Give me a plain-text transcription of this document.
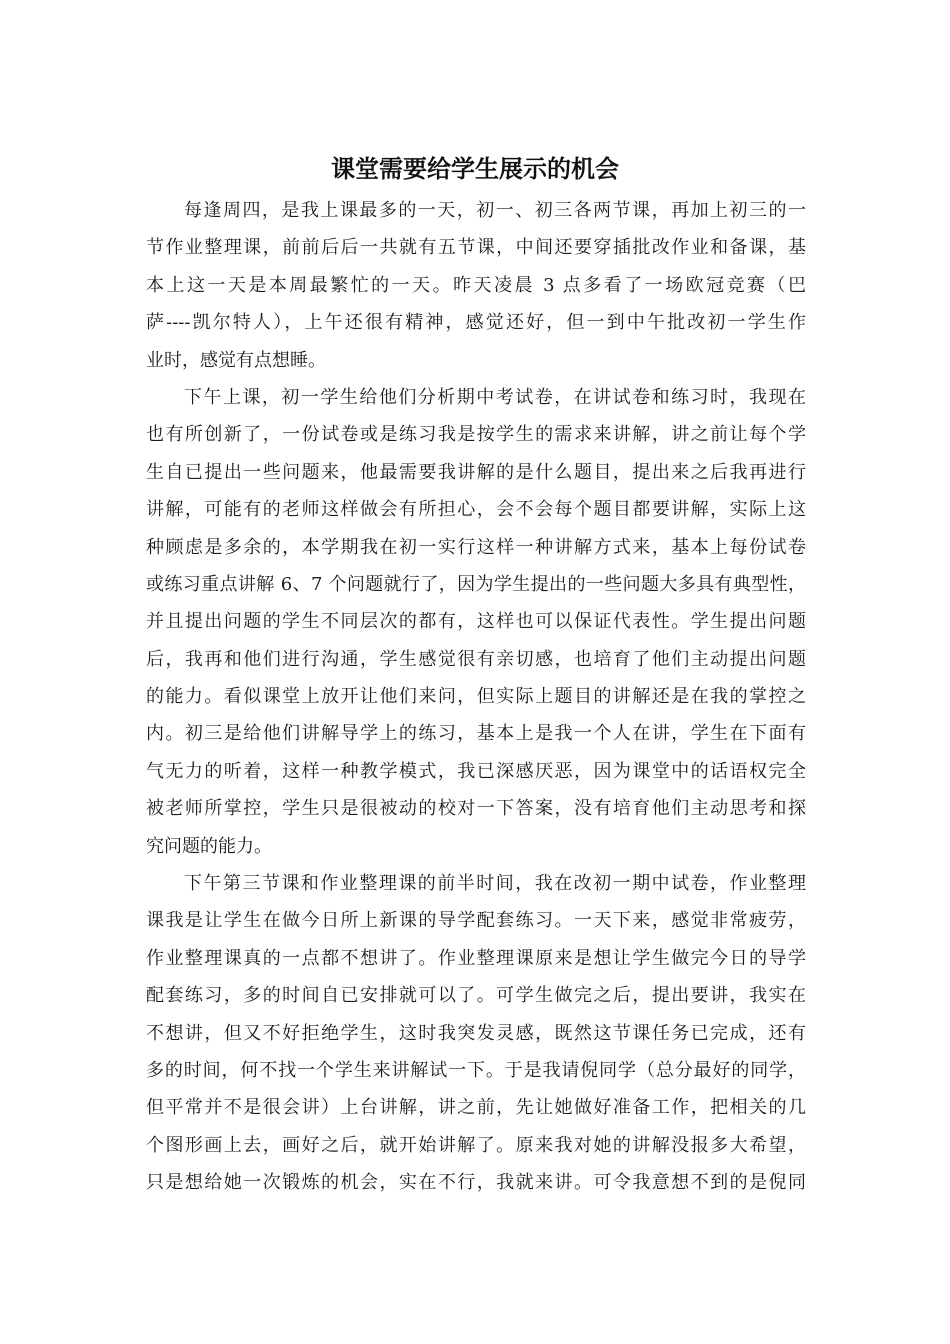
课堂需要给学生展示的机会
每逢周四，是我上课最多的一天，初一、初三各两节课，再加上初三的一
节作业整理课，前前后后一共就有五节课，中间还要穿插批改作业和备课，基
本上这一天是本周最繁忙的一天。昨天凌晨 3 点多看了一场欧冠竞赛（巴
萨----凯尔特人），上午还很有精神，感觉还好，但一到中午批改初一学生作
业时，感觉有点想睡。
下午上课，初一学生给他们分析期中考试卷，在讲试卷和练习时，我现在
也有所创新了，一份试卷或是练习我是按学生的需求来讲解，讲之前让每个学
生自已提出一些问题来，他最需要我讲解的是什么题目，提出来之后我再进行
讲解，可能有的老师这样做会有所担心，会不会每个题目都要讲解，实际上这
种顾虑是多余的，本学期我在初一实行这样一种讲解方式来，基本上每份试卷
或练习重点讲解 6、7 个问题就行了，因为学生提出的一些问题大多具有典型性，
并且提出问题的学生不同层次的都有，这样也可以保证代表性。学生提出问题
后，我再和他们进行沟通，学生感觉很有亲切感，也培育了他们主动提出问题
的能力。看似课堂上放开让他们来问，但实际上题目的讲解还是在我的掌控之
内。初三是给他们讲解导学上的练习，基本上是我一个人在讲，学生在下面有
气无力的听着，这样一种教学模式，我已深感厌恶，因为课堂中的话语权完全
被老师所掌控，学生只是很被动的校对一下答案，没有培育他们主动思考和探
究问题的能力。
下午第三节课和作业整理课的前半时间，我在改初一期中试卷，作业整理
课我是让学生在做今日所上新课的导学配套练习。一天下来，感觉非常疲劳，
作业整理课真的一点都不想讲了。作业整理课原来是想让学生做完今日的导学
配套练习，多的时间自已安排就可以了。可学生做完之后，提出要讲，我实在
不想讲，但又不好拒绝学生，这时我突发灵感，既然这节课任务已完成，还有
多的时间，何不找一个学生来讲解试一下。于是我请倪同学（总分最好的同学，
但平常并不是很会讲）上台讲解，讲之前，先让她做好准备工作，把相关的几
个图形画上去，画好之后，就开始讲解了。原来我对她的讲解没报多大希望，
只是想给她一次锻炼的机会，实在不行，我就来讲。可令我意想不到的是倪同
